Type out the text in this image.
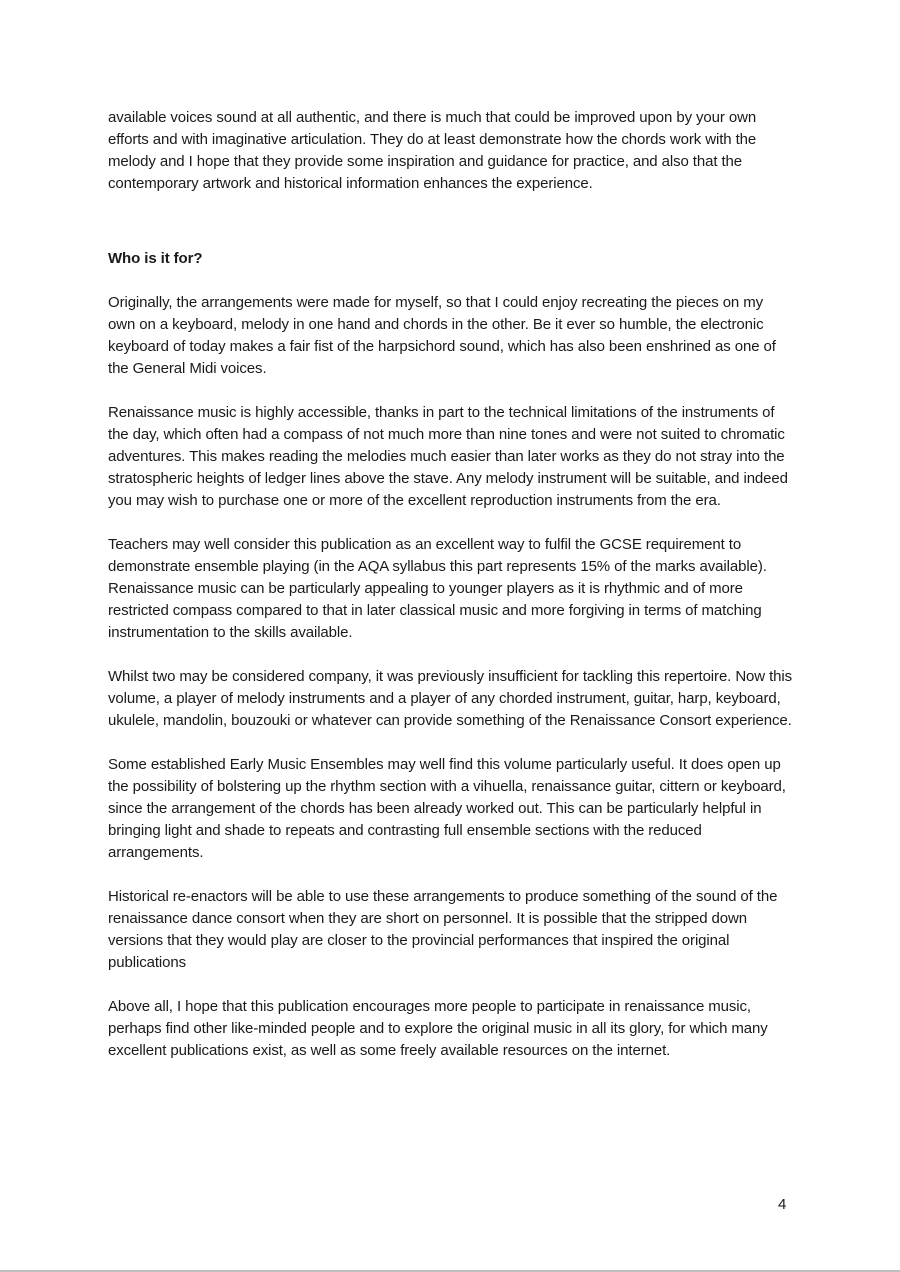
available voices sound at all authentic, and there is much that could be improved upon by your own efforts and with imaginative articulation. They do at least demonstrate how the chords work with the melody and I hope that they provide some inspiration and guidance for practice, and also that the contemporary artwork and historical information enhances the experience.

Who is it for?

Originally, the arrangements were made for myself, so that I could enjoy recreating the pieces on my own on a keyboard, melody in one hand and chords in the other. Be it ever so humble, the electronic keyboard of today makes a fair fist of the harpsichord sound, which has also been enshrined as one of the General Midi voices.

Renaissance music is highly accessible, thanks in part to the technical limitations of the instruments of the day, which often had a compass of not much more than nine tones and were not suited to chromatic adventures. This makes reading the melodies much easier than later works as they do not stray into the stratospheric heights of ledger lines above the stave. Any melody instrument will be suitable, and indeed you may wish to purchase one or more of the excellent reproduction instruments from the era.

Teachers may well consider this publication as an excellent way to fulfil the GCSE requirement to demonstrate ensemble playing (in the AQA syllabus this part represents 15% of the marks available). Renaissance music can be particularly appealing to younger players as it is rhythmic and of more restricted compass compared to that in later classical music and more forgiving in terms of matching instrumentation to the skills available.

Whilst two may be considered company, it was previously insufficient for tackling this repertoire. Now this volume, a player of melody instruments and a player of any chorded instrument, guitar, harp, keyboard, ukulele, mandolin, bouzouki or whatever can provide something of the Renaissance Consort experience.

Some established Early Music Ensembles may well find this volume particularly useful. It does open up the possibility of bolstering up the rhythm section with a vihuella, renaissance guitar, cittern or keyboard, since the arrangement of the chords has been already worked out. This can be particularly helpful in bringing light and shade to repeats and contrasting full ensemble sections with the reduced arrangements.

Historical re-enactors will be able to use these arrangements to produce something of the sound of the renaissance dance consort when they are short on personnel. It is possible that the stripped down versions that they would play are closer to the provincial performances that inspired the original publications

Above all, I hope that this publication encourages more people to participate in renaissance music, perhaps find other like-minded people and to explore the original music in all its glory, for which many excellent publications exist, as well as some freely available resources on the internet.

4
